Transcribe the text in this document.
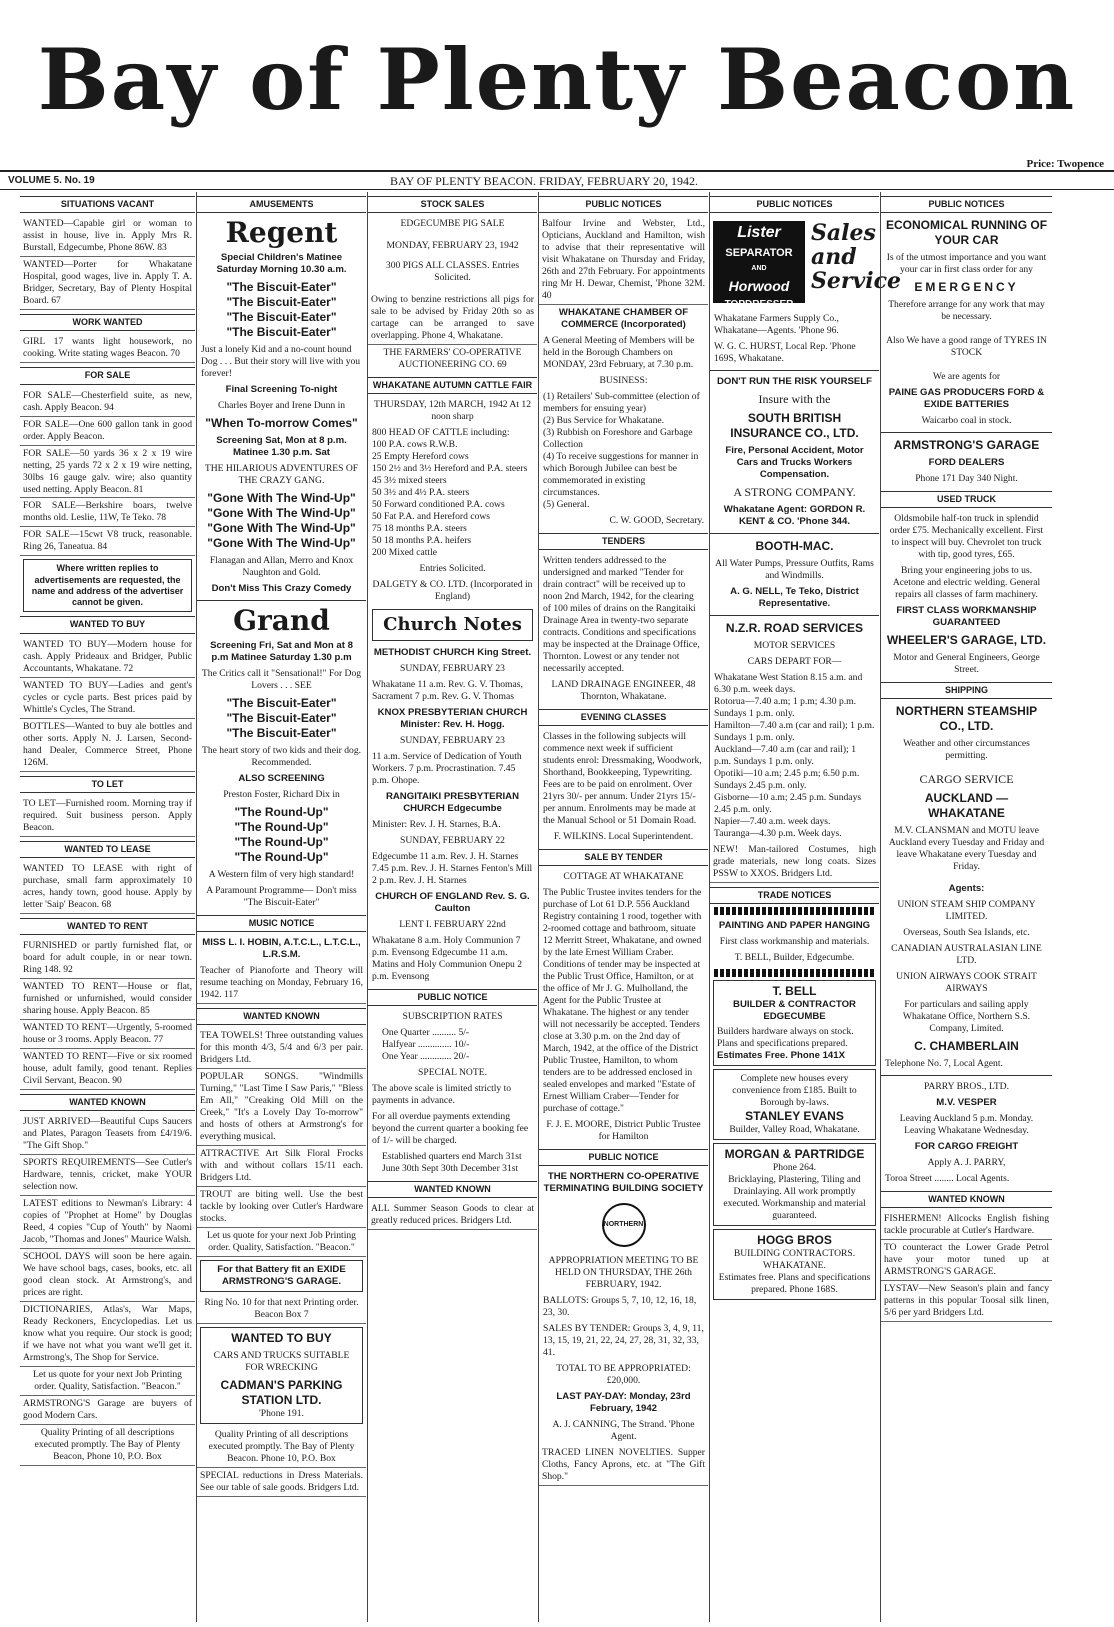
Bay of Plenty Beacon
Price: Twopence
VOLUME 5. No. 19	BAY OF PLENTY BEACON. FRIDAY, FEBRUARY 20, 1942.
SITUATIONS VACANT
WANTED—Capable girl or woman to assist in house, live in. Apply Mrs R. Burstall, Edgecumbe, Phone 86W. 83
WANTED—Porter for Whakatane Hospital, good wages, live in. Apply T. A. Bridger, Secretary, Bay of Plenty Hospital Board. 67
WORK WANTED
GIRL 17 wants light housework, no cooking. Write stating wages Beacon. 70
FOR SALE
FOR SALE—Chesterfield suite, as new, cash. Apply Beacon. 94
FOR SALE—One 600 gallon tank in good order. Apply Beacon.
FOR SALE—50 yards 36 x 2 x 19 wire netting, 25 yards 72 x 2 x 19 wire netting, 30lbs 16 gauge galv. wire; also quantity used netting. Apply Beacon. 81
FOR SALE—Berkshire boars, twelve months old. Leslie, 11W, Te Teko. 78
FOR SALE—15cwt V8 truck, reasonable. Ring 26, Taneatua. 84
Where written replies to advertisements are requested, the name and address of the advertiser cannot be given.
WANTED TO BUY
WANTED TO BUY—Modern house for cash. Apply Prideaux and Bridger, Public Accountants, Whakatane. 72
WANTED TO BUY—Ladies and gent's cycles or cycle parts. Best prices paid by Whittle's Cycles, The Strand.
BOTTLES—Wanted to buy ale bottles and other sorts. Apply N. J. Larsen, Second-hand Dealer, Commerce Street, Phone 126M.
TO LET
TO LET—Furnished room. Morning tray if required. Suit business person. Apply Beacon.
WANTED TO LEASE
WANTED TO LEASE with right of purchase, small farm approximately 10 acres, handy town, good house. Apply by letter 'Saip' Beacon. 68
WANTED TO RENT
FURNISHED or partly furnished flat, or board for adult couple, in or near town. Ring 148. 92
WANTED TO RENT—House or flat, furnished or unfurnished, would consider sharing house. Apply Beacon. 85
WANTED TO RENT—Urgently, 5-roomed house or 3 rooms. Apply Beacon. 77
WANTED TO RENT—Five or six roomed house, adult family, good tenant. Replies Civil Servant, Beacon. 90
WANTED KNOWN
JUST ARRIVED—Beautiful Cups Saucers and Plates, Paragon Teasets from £4/19/6. "The Gift Shop."
SPORTS REQUIREMENTS—See Cutler's Hardware, tennis, cricket, make YOUR selection now.
LATEST editions to Newman's Library: 4 copies of "Prophet at Home" by Douglas Reed, 4 copies "Cup of Youth" by Naomi Jacob, "Thomas and Jones" Maurice Walsh.
SCHOOL DAYS will soon be here again. We have school bags, cases, books, etc. all good clean stock. At Armstrong's, and prices are right.
DICTIONARIES, Atlas's, War Maps, Ready Reckoners, Encyclopedias. Let us know what you require. Our stock is good; if we have not what you want we'll get it. Armstrong's, The Shop for Service.
Let us quote for your next Job Printing order. Quality, Satisfaction. "Beacon."
ARMSTRONG'S Garage are buyers of good Modern Cars.
Quality Printing of all descriptions executed promptly. The Bay of Plenty Beacon, Phone 10, P.O. Box
AMUSEMENTS
Regent
Special Children's Matinee Saturday Morning 10.30 a.m.
"The Biscuit-Eater"
"The Biscuit-Eater"
"The Biscuit-Eater"
"The Biscuit-Eater"
Just a lonely Kid and a no-count hound Dog . . . But their story will live with you forever!
Final Screening To-night
Charles Boyer and Irene Dunn in
"When To-morrow Comes"
Screening Sat, Mon at 8 p.m. Matinee 1.30 p.m. Sat
THE HILARIOUS ADVENTURES OF THE CRAZY GANG.
"Gone With The Wind-Up"
"Gone With The Wind-Up"
"Gone With The Wind-Up"
"Gone With The Wind-Up"
Flanagan and Allan, Merro and Knox Naughton and Gold.
Don't Miss This Crazy Comedy
Grand
Screening Fri, Sat and Mon at 8 p.m Matinee Saturday 1.30 p.m
The Critics call it "Sensational!" For Dog Lovers . . . SEE
"The Biscuit-Eater"
"The Biscuit-Eater"
"The Biscuit-Eater"
The heart story of two kids and their dog. Recommended.
ALSO SCREENING
Preston Foster, Richard Dix in
"The Round-Up"
"The Round-Up"
"The Round-Up"
"The Round-Up"
A Western film of very high standard!
A Paramount Programme— Don't miss "The Biscuit-Eater"
MUSIC NOTICE
MISS L. I. HOBIN, A.T.C.L., L.T.C.L., L.R.S.M.
Teacher of Pianoforte and Theory will resume teaching on Monday, February 16, 1942. 117
WANTED KNOWN
TEA TOWELS! Three outstanding values for this month 4/3, 5/4 and 6/3 per pair. Bridgers Ltd.
POPULAR SONGS. "Windmills Turning," "Last Time I Saw Paris," "Bless Em All," "Creaking Old Mill on the Creek," "It's a Lovely Day To-morrow" and hosts of others at Armstrong's for everything musical.
ATTRACTIVE Art Silk Floral Frocks with and without collars 15/11 each. Bridgers Ltd.
TROUT are biting well. Use the best tackle by looking over Cutler's Hardware stocks.
Let us quote for your next Job Printing order. Quality, Satisfaction. "Beacon."
For that Battery fit an EXIDE ARMSTRONG'S GARAGE.
Ring No. 10 for that next Printing order. Beacon Box 7
WANTED TO BUY
CARS AND TRUCKS SUITABLE FOR WRECKING
CADMAN'S PARKING STATION LTD.
'Phone 191.
Quality Printing of all descriptions executed promptly. The Bay of Plenty Beacon. Phone 10, P.O. Box
SPECIAL reductions in Dress Materials. See our table of sale goods. Bridgers Ltd.
STOCK SALES
EDGECUMBE PIG SALE
MONDAY, FEBRUARY 23, 1942
300 PIGS ALL CLASSES. Entries Solicited.
Owing to benzine restrictions all pigs for sale to be advised by Friday 20th so as cartage can be arranged to save overlapping. Phone 4, Whakatane.
THE FARMERS' CO-OPERATIVE AUCTIONEERING CO. 69
WHAKATANE AUTUMN CATTLE FAIR
THURSDAY, 12th MARCH, 1942 At 12 noon sharp
800 HEAD OF CATTLE including:
100 P.A. cows R.W.B.
25 Empty Hereford cows
150 2½ and 3½ Hereford and P.A. steers
45 3½ mixed steers
50 3½ and 4½ P.A. steers
50 Forward conditioned P.A. cows
50 Fat P.A. and Hereford cows
75 18 months P.A. steers
50 18 months P.A. heifers
200 Mixed cattle
Entries Solicited.
DALGETY & CO. LTD. (Incorporated in England)
Church Notes
METHODIST CHURCH King Street.
SUNDAY, FEBRUARY 23
Whakatane 11 a.m. Rev. G. V. Thomas, Sacrament 7 p.m. Rev. G. V. Thomas
KNOX PRESBYTERIAN CHURCH Minister: Rev. H. Hogg.
SUNDAY, FEBRUARY 23
11 a.m. Service of Dedication of Youth Workers. 7 p.m. Procrastination. 7.45 p.m. Ohope.
RANGITAIKI PRESBYTERIAN CHURCH Edgecumbe
Minister: Rev. J. H. Starnes, B.A.
SUNDAY, FEBRUARY 22
Edgecumbe 11 a.m. Rev. J. H. Starnes 7.45 p.m. Rev. J. H. Starnes Fenton's Mill 2 p.m. Rev. J. H. Starnes
CHURCH OF ENGLAND Rev. S. G. Caulton
LENT I. FEBRUARY 22nd
Whakatane 8 a.m. Holy Communion 7 p.m. Evensong Edgecumbe 11 a.m. Matins and Holy Communion Onepu 2 p.m. Evensong
PUBLIC NOTICE
SUBSCRIPTION RATES
One Quarter .......... 5/-
Halfyear .............. 10/-
One Year ............. 20/-
SPECIAL NOTE.
The above scale is limited strictly to payments in advance.
For all overdue payments extending beyond the current quarter a booking fee of 1/- will be charged.
Established quarters end March 31st June 30th Sept 30th December 31st
WANTED KNOWN
ALL Summer Season Goods to clear at greatly reduced prices. Bridgers Ltd.
PUBLIC NOTICES
Balfour Irvine and Webster, Ltd., Opticians, Auckland and Hamilton, wish to advise that their representative will visit Whakatane on Thursday and Friday, 26th and 27th February. For appointments ring Mr H. Dewar, Chemist, 'Phone 32M. 40
WHAKATANE CHAMBER OF COMMERCE (Incorporated)
A General Meeting of Members will be held in the Borough Chambers on MONDAY, 23rd February, at 7.30 p.m.
BUSINESS:
(1) Retailers' Sub-committee (election of members for ensuing year)
(2) Bus Service for Whakatane.
(3) Rubbish on Foreshore and Garbage Collection
(4) To receive suggestions for manner in which Borough Jubilee can best be commemorated in existing circumstances.
(5) General.
C. W. GOOD, Secretary.
TENDERS
Written tenders addressed to the undersigned and marked "Tender for drain contract" will be received up to noon 2nd March, 1942, for the clearing of 100 miles of drains on the Rangitaiki Drainage Area in twenty-two separate contracts. Conditions and specifications may be inspected at the Drainage Office, Thornton. Lowest or any tender not necessarily accepted.
LAND DRAINAGE ENGINEER, 48 Thornton, Whakatane.
EVENING CLASSES
Classes in the following subjects will commence next week if sufficient students enrol: Dressmaking, Woodwork, Shorthand, Bookkeeping, Typewriting. Fees are to be paid on enrolment. Over 21yrs 30/- per annum. Under 21yrs 15/- per annum. Enrolments may be made at the Manual School or 51 Domain Road.
F. WILKINS. Local Superintendent.
SALE BY TENDER
COTTAGE AT WHAKATANE
The Public Trustee invites tenders for the purchase of Lot 61 D.P. 556 Auckland Registry containing 1 rood, together with 2-roomed cottage and bathroom, situate 12 Merritt Street, Whakatane, and owned by the late Ernest William Craber. Conditions of tender may be inspected at the Public Trust Office, Hamilton, or at the office of Mr J. G. Mulholland, the Agent for the Public Trustee at Whakatane. The highest or any tender will not necessarily be accepted. Tenders close at 3.30 p.m. on the 2nd day of March, 1942, at the office of the District Public Trustee, Hamilton, to whom tenders are to be addressed enclosed in sealed envelopes and marked "Estate of Ernest William Craber—Tender for purchase of cottage."
F. J. E. MOORE, District Public Trustee for Hamilton
PUBLIC NOTICE
THE NORTHERN CO-OPERATIVE TERMINATING BUILDING SOCIETY
NORTHERN
APPROPRIATION MEETING TO BE HELD ON THURSDAY, THE 26th FEBRUARY, 1942.
BALLOTS: Groups 5, 7, 10, 12, 16, 18, 23, 30.
SALES BY TENDER: Groups 3, 4, 9, 11, 13, 15, 19, 21, 22, 24, 27, 28, 31, 32, 33, 41.
TOTAL TO BE APPROPRIATED: £20,000.
LAST PAY-DAY: Monday, 23rd February, 1942
A. J. CANNING, The Strand. 'Phone Agent.
TRACED LINEN NOVELTIES. Supper Cloths, Fancy Aprons, etc. at "The Gift Shop."
PUBLIC NOTICES
Lister
SEPARATOR
AND
Horwood
TOPDRESSER
Sales and Service
Whakatane Farmers Supply Co., Whakatane—Agents. 'Phone 96.
W. G. C. HURST, Local Rep. 'Phone 169S, Whakatane.
DON'T RUN THE RISK YOURSELF
Insure with the
SOUTH BRITISH INSURANCE CO., LTD.
Fire, Personal Accident, Motor Cars and Trucks Workers Compensation.
A STRONG COMPANY.
Whakatane Agent: GORDON R. KENT & CO. 'Phone 344.
BOOTH-MAC.
All Water Pumps, Pressure Outfits, Rams and Windmills.
A. G. NELL, Te Teko, District Representative.
N.Z.R. ROAD SERVICES
MOTOR SERVICES
CARS DEPART FOR—
Whakatane West Station 8.15 a.m. and 6.30 p.m. week days.
Rotorua—7.40 a.m; 1 p.m; 4.30 p.m. Sundays 1 p.m. only.
Hamilton—7.40 a.m (car and rail); 1 p.m. Sundays 1 p.m. only.
Auckland—7.40 a.m (car and rail); 1 p.m. Sundays 1 p.m. only.
Opotiki—10 a.m; 2.45 p.m; 6.50 p.m. Sundays 2.45 p.m. only.
Gisborne—10 a.m; 2.45 p.m. Sundays 2.45 p.m. only.
Napier—7.40 a.m. week days.
Tauranga—4.30 p.m. Week days.
NEW! Man-tailored Costumes, high grade materials, new long coats. Sizes PSSW to XXOS. Bridgers Ltd.
TRADE NOTICES
PAINTING AND PAPER HANGING
First class workmanship and materials.
T. BELL, Builder, Edgecumbe.
T. BELL
BUILDER & CONTRACTOR EDGECUMBE
Builders hardware always on stock. Plans and specifications prepared.
Estimates Free. Phone 141X
Complete new houses every convenience from £185. Built to Borough by-laws.
STANLEY EVANS
Builder, Valley Road, Whakatane.
MORGAN & PARTRIDGE
Phone 264.
Bricklaying, Plastering, Tiling and Drainlaying. All work promptly executed. Workmanship and material guaranteed.
HOGG BROS
BUILDING CONTRACTORS. WHAKATANE.
Estimates free. Plans and specifications prepared. Phone 168S.
PUBLIC NOTICES
ECONOMICAL RUNNING OF YOUR CAR
Is of the utmost importance and you want your car in first class order for any
EMERGENCY
Therefore arrange for any work that may be necessary.
Also We have a good range of TYRES IN STOCK
We are agents for
PAINE GAS PRODUCERS FORD & EXIDE BATTERIES
Waicarbo coal in stock.
ARMSTRONG'S GARAGE
FORD DEALERS
Phone 171 Day 340 Night.
USED TRUCK
Oldsmobile half-ton truck in splendid order £75. Mechanically excellent. First to inspect will buy. Chevrolet ton truck with tip, good tyres, £65.
Bring your engineering jobs to us. Acetone and electric welding. General repairs all classes of farm machinery.
FIRST CLASS WORKMANSHIP GUARANTEED
WHEELER'S GARAGE, LTD.
Motor and General Engineers, George Street.
SHIPPING
NORTHERN STEAMSHIP CO., LTD.
Weather and other circumstances permitting.
CARGO SERVICE
AUCKLAND — WHAKATANE
M.V. CLANSMAN and MOTU leave Auckland every Tuesday and Friday and leave Whakatane every Tuesday and Friday.
Agents:
UNION STEAM SHIP COMPANY LIMITED.
Overseas, South Sea Islands, etc.
CANADIAN AUSTRALASIAN LINE LTD.
UNION AIRWAYS COOK STRAIT AIRWAYS
For particulars and sailing apply Whakatane Office, Northern S.S. Company, Limited.
C. CHAMBERLAIN
Telephone No. 7, Local Agent.
PARRY BROS., LTD.
M.V. VESPER
Leaving Auckland 5 p.m. Monday. Leaving Whakatane Wednesday.
FOR CARGO FREIGHT
Apply A. J. PARRY,
Toroa Street ........ Local Agents.
WANTED KNOWN
FISHERMEN! Allcocks English fishing tackle procurable at Cutler's Hardware.
TO counteract the Lower Grade Petrol have your motor tuned up at ARMSTRONG'S GARAGE.
LYSTAV—New Season's plain and fancy patterns in this popular Toosal silk linen, 5/6 per yard Bridgers Ltd.
